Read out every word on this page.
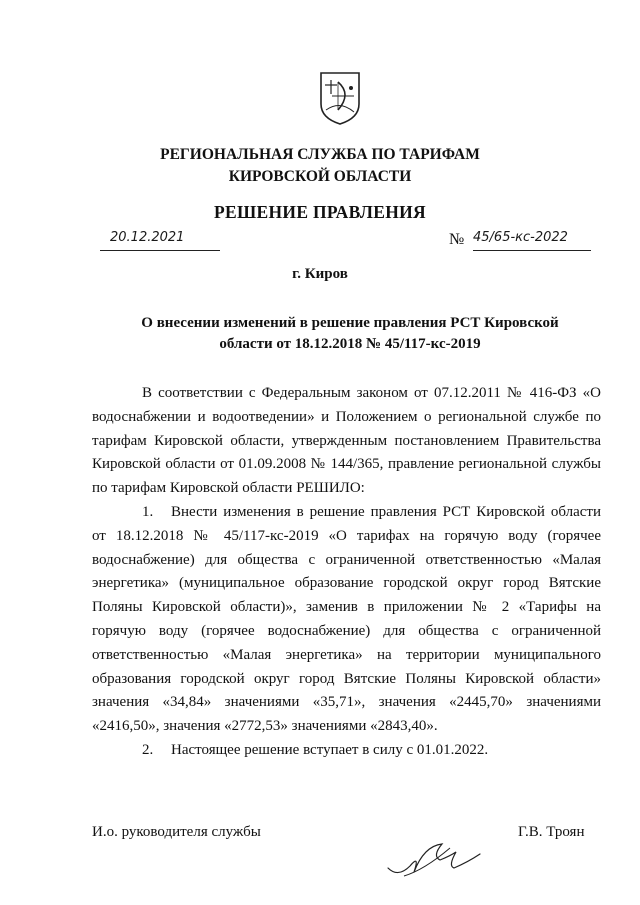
РЕГИОНАЛЬНАЯ СЛУЖБА ПО ТАРИФАМ
КИРОВСКОЙ ОБЛАСТИ
РЕШЕНИЕ ПРАВЛЕНИЯ
20.12.2021	№ 45/65-кс-2022
г. Киров
О внесении изменений в решение правления РСТ Кировской
области от 18.12.2018 № 45/117-кс-2019

В соответствии с Федеральным законом от 07.12.2011 № 416-ФЗ «О водоснабжении и водоотведении» и Положением о региональной службе по тарифам Кировской области, утвержденным постановлением Правительства Кировской области от 01.09.2008 № 144/365, правление региональной службы по тарифам Кировской области РЕШИЛО:

1. Внести изменения в решение правления РСТ Кировской области от 18.12.2018 № 45/117-кс-2019 «О тарифах на горячую воду (горячее водоснабжение) для общества с ограниченной ответственностью «Малая энергетика» (муниципальное образование городской округ город Вятские Поляны Кировской области)», заменив в приложении № 2 «Тарифы на горячую воду (горячее водоснабжение) для общества с ограниченной ответственностью «Малая энергетика» на территории муниципального образования городской округ город Вятские Поляны Кировской области» значения «34,84» значениями «35,71», значения «2445,70» значениями «2416,50», значения «2772,53» значениями «2843,40».

2. Настоящее решение вступает в силу с 01.01.2022.

И.о. руководителя службы	Г.В. Троян
